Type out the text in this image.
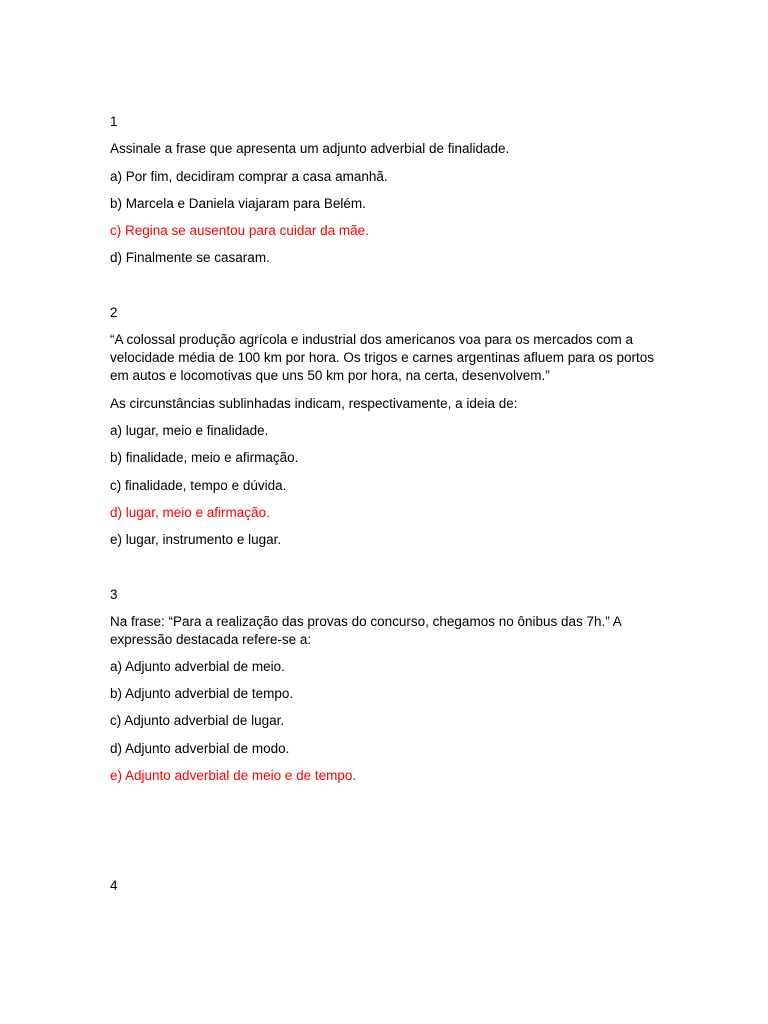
1
Assinale a frase que apresenta um adjunto adverbial de finalidade.
a) Por fim, decidiram comprar a casa amanhã.
b) Marcela e Daniela viajaram para Belém.
c) Regina se ausentou para cuidar da mãe.
d) Finalmente se casaram.
2
“A colossal produção agrícola e industrial dos americanos voa para os mercados com a velocidade média de 100 km por hora. Os trigos e carnes argentinas afluem para os portos em autos e locomotivas que uns 50 km por hora, na certa, desenvolvem.”
As circunstâncias sublinhadas indicam, respectivamente, a ideia de:
a) lugar, meio e finalidade.
b) finalidade, meio e afirmação.
c) finalidade, tempo e dúvida.
d) lugar, meio e afirmação.
e) lugar, instrumento e lugar.
3
Na frase: “Para a realização das provas do concurso, chegamos no ônibus das 7h.” A expressão destacada refere-se a:
a) Adjunto adverbial de meio.
b) Adjunto adverbial de tempo.
c) Adjunto adverbial de lugar.
d) Adjunto adverbial de modo.
e) Adjunto adverbial de meio e de tempo.
4
